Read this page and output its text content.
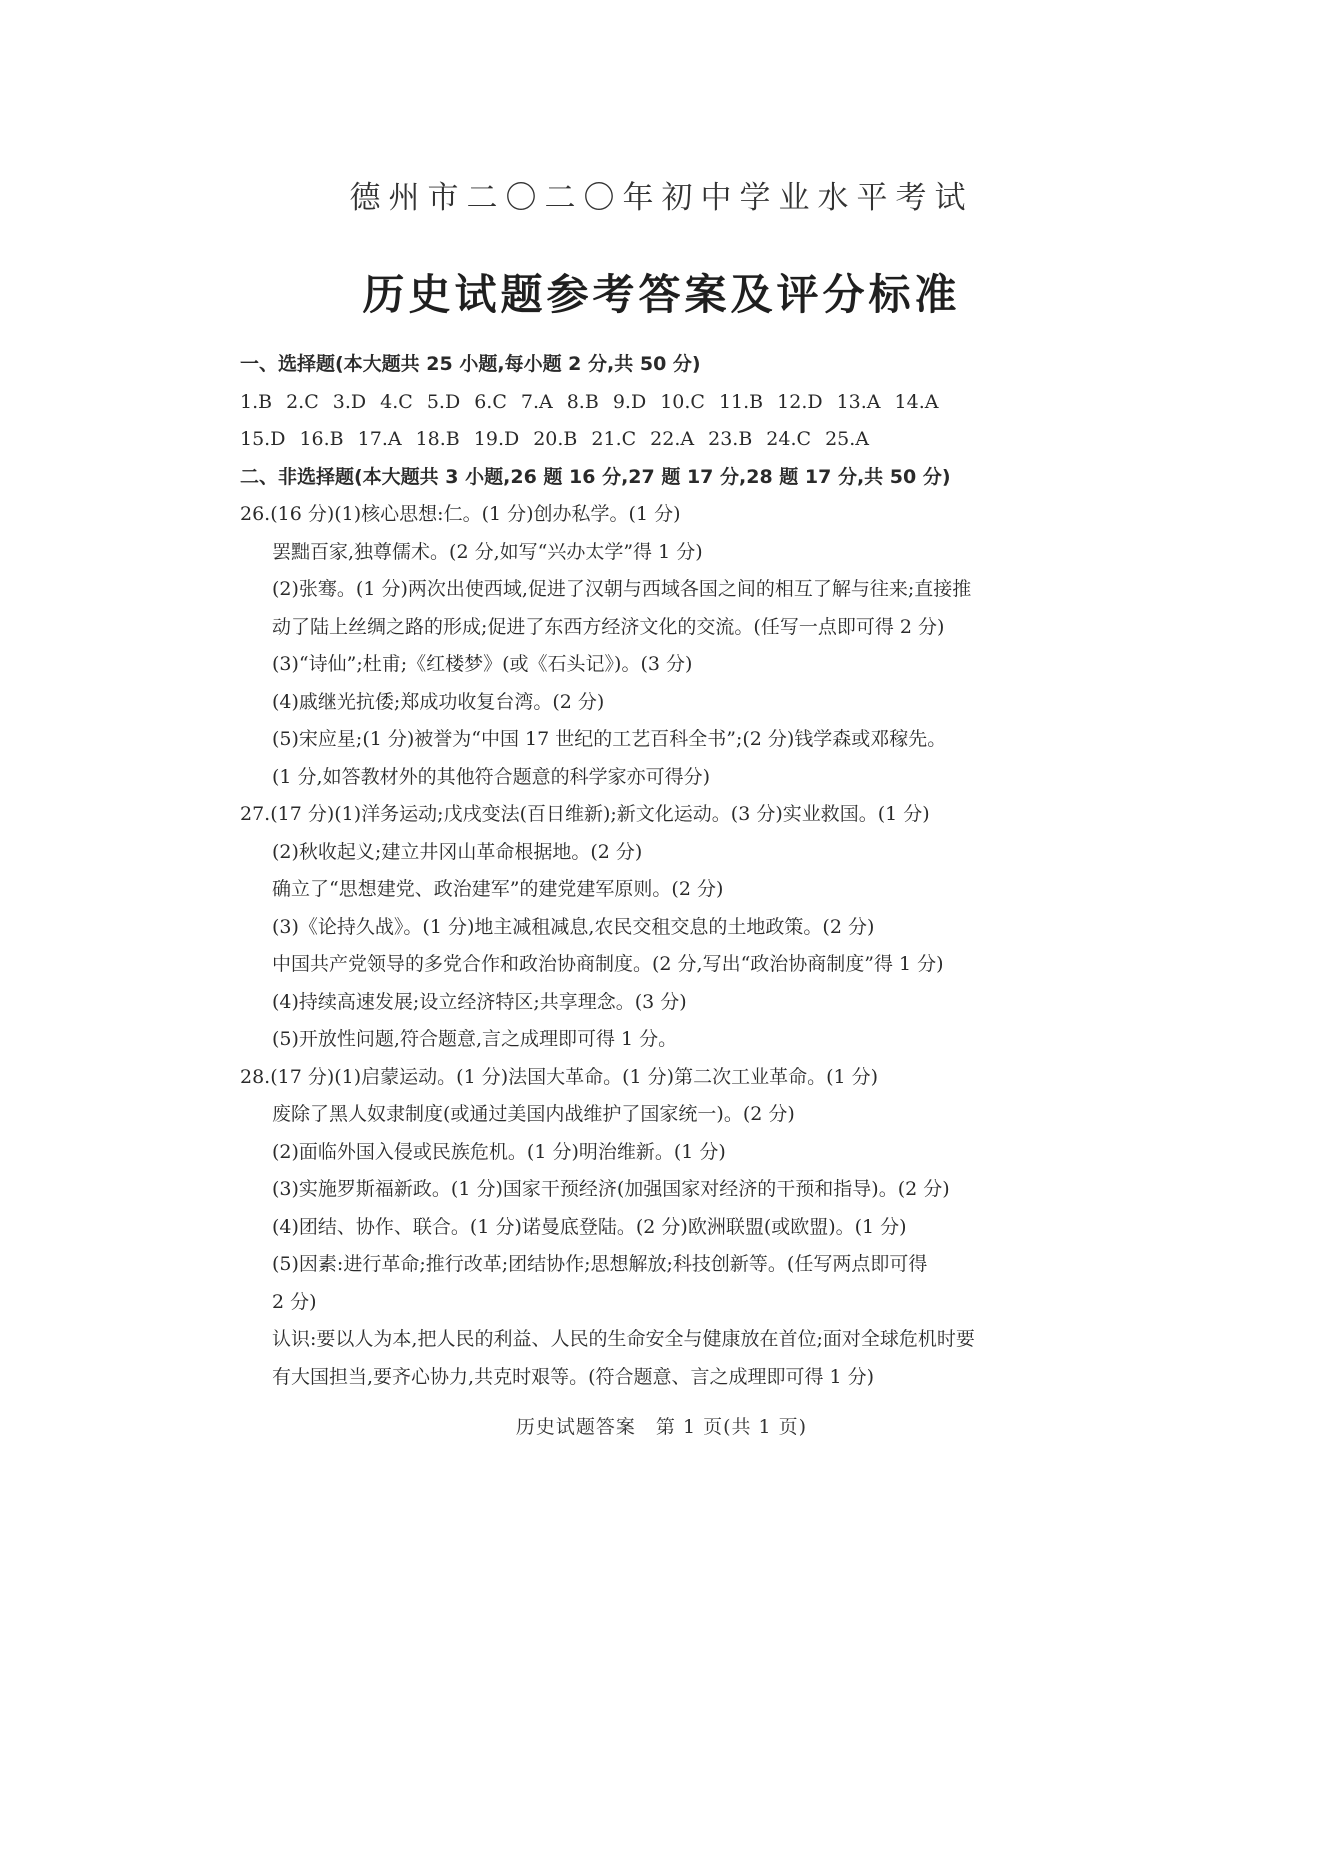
德州市二〇二〇年初中学业水平考试
历史试题参考答案及评分标准
一、选择题(本大题共 25 小题,每小题 2 分,共 50 分)
1.B 2.C 3.D 4.C 5.D 6.C 7.A 8.B 9.D 10.C 11.B 12.D 13.A 14.A
15.D 16.B 17.A 18.B 19.D 20.B 21.C 22.A 23.B 24.C 25.A
二、非选择题(本大题共 3 小题,26 题 16 分,27 题 17 分,28 题 17 分,共 50 分)
26.(16 分)(1)核心思想:仁。(1 分)创办私学。(1 分)
罢黜百家,独尊儒术。(2 分,如写“兴办太学”得 1 分)
(2)张骞。(1 分)两次出使西域,促进了汉朝与西域各国之间的相互了解与往来;直接推
动了陆上丝绸之路的形成;促进了东西方经济文化的交流。(任写一点即可得 2 分)
(3)“诗仙”;杜甫;《红楼梦》(或《石头记》)。(3 分)
(4)戚继光抗倭;郑成功收复台湾。(2 分)
(5)宋应星;(1 分)被誉为“中国 17 世纪的工艺百科全书”;(2 分)钱学森或邓稼先。
(1 分,如答教材外的其他符合题意的科学家亦可得分)
27.(17 分)(1)洋务运动;戊戌变法(百日维新);新文化运动。(3 分)实业救国。(1 分)
(2)秋收起义;建立井冈山革命根据地。(2 分)
确立了“思想建党、政治建军”的建党建军原则。(2 分)
(3)《论持久战》。(1 分)地主减租减息,农民交租交息的土地政策。(2 分)
中国共产党领导的多党合作和政治协商制度。(2 分,写出“政治协商制度”得 1 分)
(4)持续高速发展;设立经济特区;共享理念。(3 分)
(5)开放性问题,符合题意,言之成理即可得 1 分。
28.(17 分)(1)启蒙运动。(1 分)法国大革命。(1 分)第二次工业革命。(1 分)
废除了黑人奴隶制度(或通过美国内战维护了国家统一)。(2 分)
(2)面临外国入侵或民族危机。(1 分)明治维新。(1 分)
(3)实施罗斯福新政。(1 分)国家干预经济(加强国家对经济的干预和指导)。(2 分)
(4)团结、协作、联合。(1 分)诺曼底登陆。(2 分)欧洲联盟(或欧盟)。(1 分)
(5)因素:进行革命;推行改革;团结协作;思想解放;科技创新等。(任写两点即可得
2 分)
认识:要以人为本,把人民的利益、人民的生命安全与健康放在首位;面对全球危机时要
有大国担当,要齐心协力,共克时艰等。(符合题意、言之成理即可得 1 分)
历史试题答案　第 1 页(共 1 页)
